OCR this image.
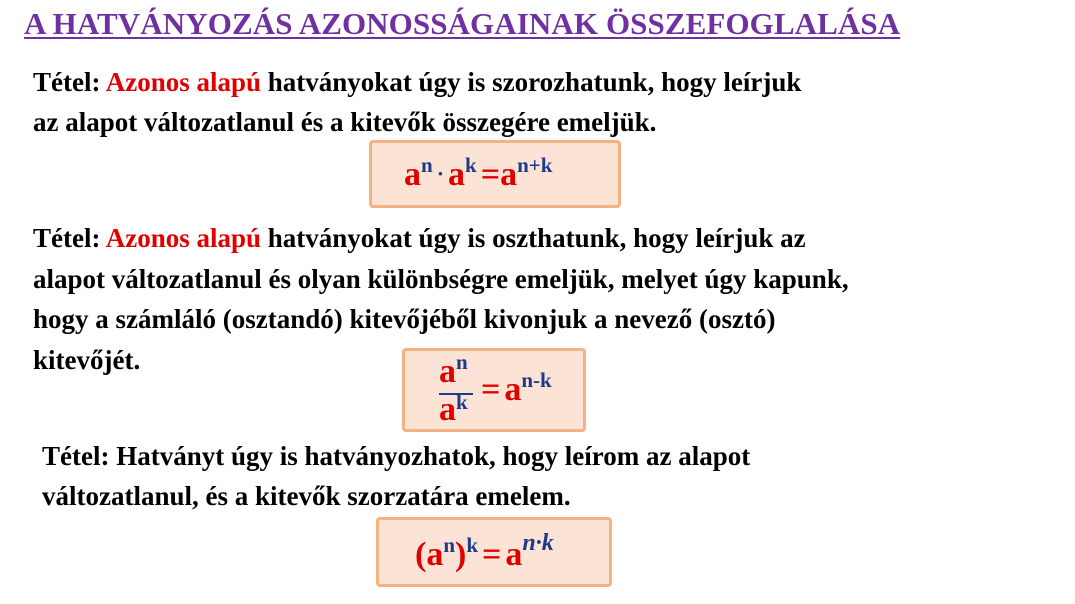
A HATVÁNYOZÁS AZONOSSÁGAINAK ÖSSZEFOGLALÁSA
Tétel: Azonos alapú hatványokat úgy is szorozhatunk, hogy leírjuk
az alapot változatlanul és a kitevők összegére emeljük.
an · ak =an+k
Tétel: Azonos alapú hatványokat úgy is oszthatunk, hogy leírjuk az
alapot változatlanul és olyan különbségre emeljük, melyet úgy kapunk,
hogy a számláló (osztandó) kitevőjéből kivonjuk a nevező (osztó)
kitevőjét.	an
ak = an-k
Tétel: Hatványt úgy is hatványozhatok, hogy leírom az alapot
változatlanul, és a kitevők szorzatára emelem.
(an)k = an·k
